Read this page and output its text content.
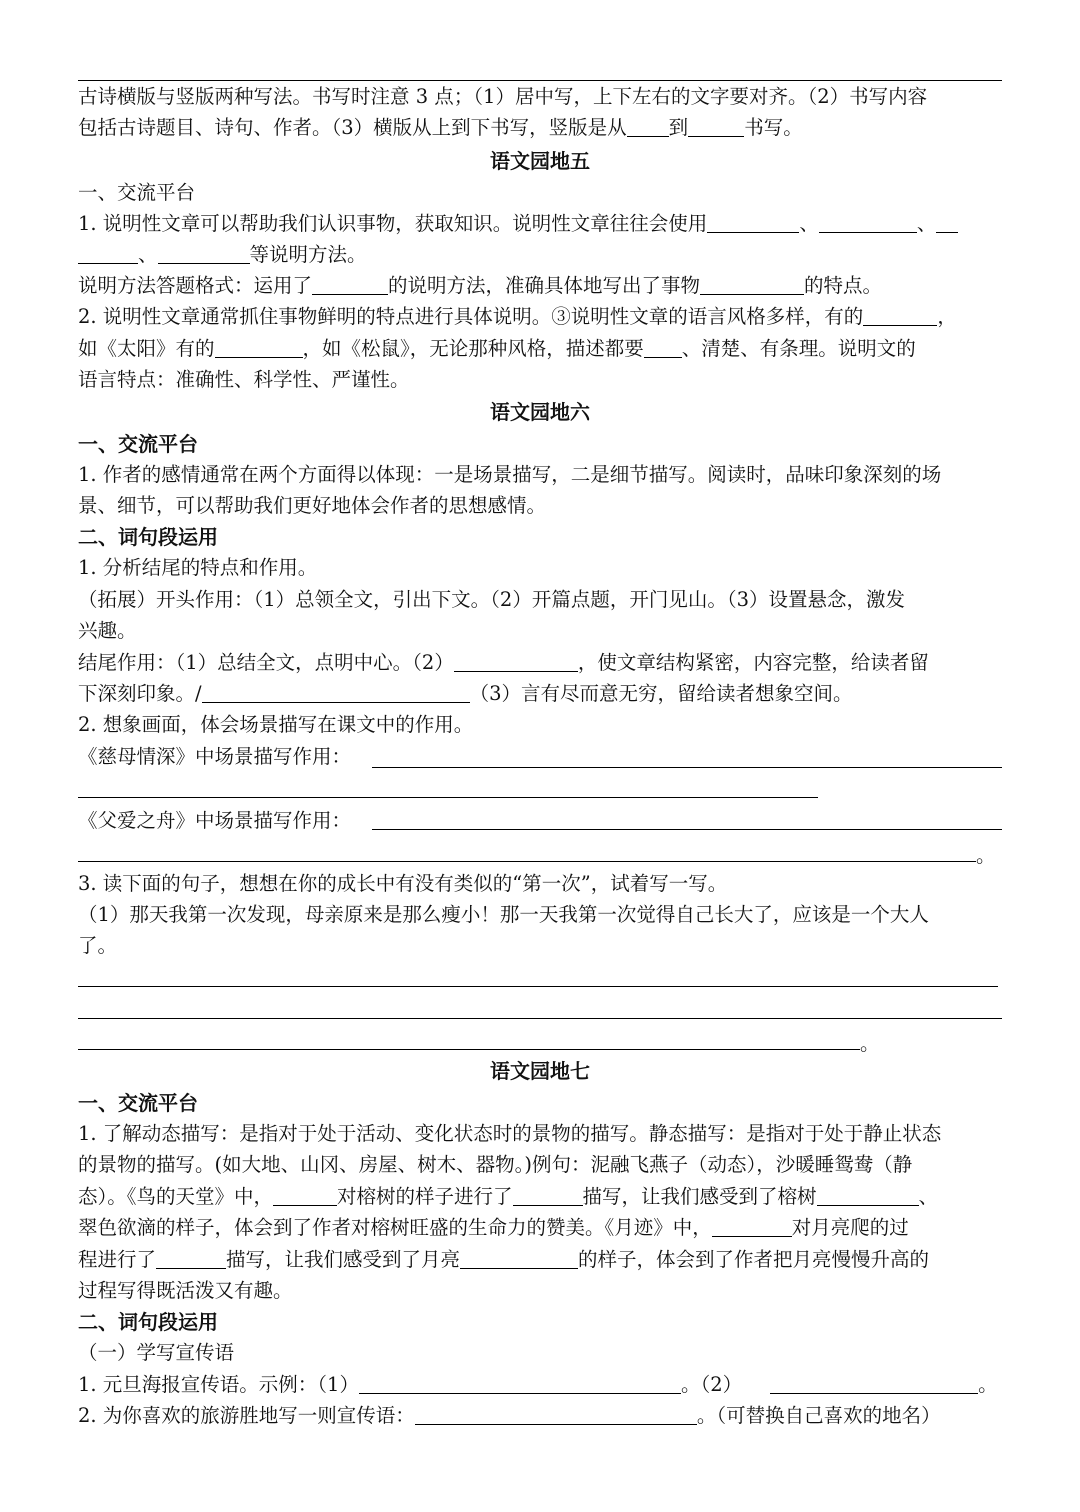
古诗横版与竖版两种写法。书写时注意 3 点；（1）居中写，上下左右的文字要对齐。（2）书写内容
包括古诗题目、诗句、作者。（3）横版从上到下书写，竖版是从 到	书写。
语文园地五
一、交流平台
1. 说明性文章可以帮助我们认识事物，获取知识。说明性文章往往会使用	、	、
、	等说明方法。
说明方法答题格式：运用了	的说明方法，准确具体地写出了事物	的特点。
2. 说明性文章通常抓住事物鲜明的特点进行具体说明。③说明性文章的语言风格多样，有的	，
如《太阳》有的	，如《松鼠》，无论那种风格，描述都要 、清楚、有条理。说明文的
语言特点：准确性、科学性、严谨性。
语文园地六
一、交流平台
1. 作者的感情通常在两个方面得以体现：一是场景描写，二是细节描写。阅读时，品味印象深刻的场
景、细节，可以帮助我们更好地体会作者的思想感情。
二、词句段运用
1. 分析结尾的特点和作用。
（拓展）开头作用：（1）总领全文，引出下文。（2）开篇点题，开门见山。（3）设置悬念，激发
兴趣。
结尾作用：（1）总结全文，点明中心。（2）	，使文章结构紧密，内容完整，给读者留
下深刻印象。/	（3）言有尽而意无穷，留给读者想象空间。
2. 想象画面，体会场景描写在课文中的作用。
《慈母情深》中场景描写作用：
《父爱之舟》中场景描写作用：
。
3. 读下面的句子，想想在你的成长中有没有类似的“第一次”，试着写一写。
（1）那天我第一次发现，母亲原来是那么瘦小！那一天我第一次觉得自己长大了，应该是一个大人
了。
。
语文园地七
一、交流平台
1. 了解动态描写：是指对于处于活动、变化状态时的景物的描写。静态描写：是指对于处于静止状态
的景物的描写。(如大地、山冈、房屋、树木、器物。)例句：泥融飞燕子（动态），沙暖睡鸳鸯（静
态）。《鸟的天堂》中，	对榕树的样子进行了	描写，让我们感受到了榕树	、
翠色欲滴的样子，体会到了作者对榕树旺盛的生命力的赞美。《月迹》中，	对月亮爬的过
程进行了	描写，让我们感受到了月亮	的样子，体会到了作者把月亮慢慢升高的
过程写得既活泼又有趣。
二、词句段运用
（一）学写宣传语
1. 元旦海报宣传语。示例：（1）	。（2）	。
2. 为你喜欢的旅游胜地写一则宣传语：	。（可替换自己喜欢的地名）
